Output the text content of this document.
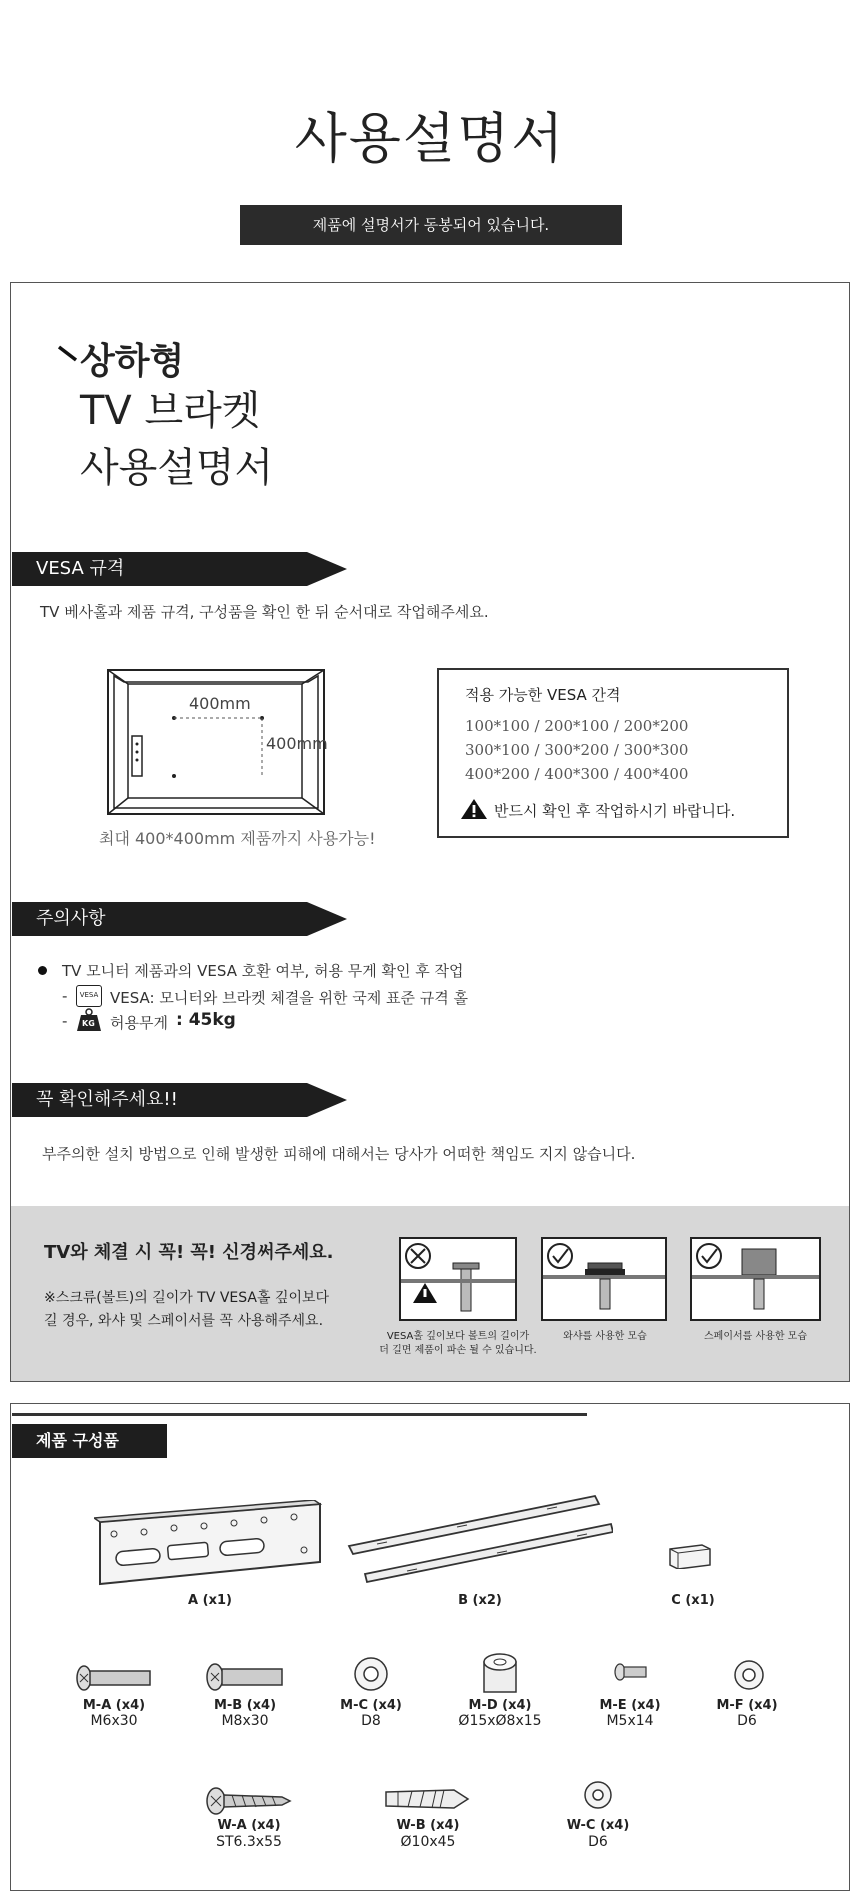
사용설명서
제품에 설명서가 동봉되어 있습니다.
상하형
TV 브라켓
사용설명서
VESA 규격
TV 베사홀과 제품 규격, 구성품을 확인 한 뒤 순서대로 작업해주세요.
400mm
400mm
최대 400*400mm 제품까지 사용가능!
적용 가능한 VESA 간격
100*100 / 200*100 / 200*200
300*100 / 300*200 / 300*300
400*200 / 400*300 / 400*400
반드시 확인 후 작업하시기 바랍니다.
주의사항
TV 모니터 제품과의 VESA 호환 여부, 허용 무게 확인 후 작업
-	VESA VESA: 모니터와 브라켓 체결을 위한 국제 표준 규격 홀
- KG 허용무게 : 45kg
꼭 확인해주세요!!
부주의한 설치 방법으로 인해 발생한 피해에 대해서는 당사가 어떠한 책임도 지지 않습니다.
TV와 체결 시 꼭! 꼭! 신경써주세요.
※스크류(볼트)의 길이가 TV VESA홀 깊이보다
길 경우, 와샤 및 스페이서를 꼭 사용해주세요.
VESA홀 깊이보다 볼트의 길이가
더 길면 제품이 파손 될 수 있습니다.
와샤를 사용한 모습	스페이서를 사용한 모습
제품 구성품
A (x1)	B (x2)	C (x1)
M-A (x4)
M6x30
M-B (x4)
M8x30
M-C (x4)
D8
M-D (x4)
Ø15xØ8x15
M-E (x4)
M5x14
M-F (x4)
D6
W-A (x4)
ST6.3x55
W-B (x4)
Ø10x45
W-C (x4)
D6
